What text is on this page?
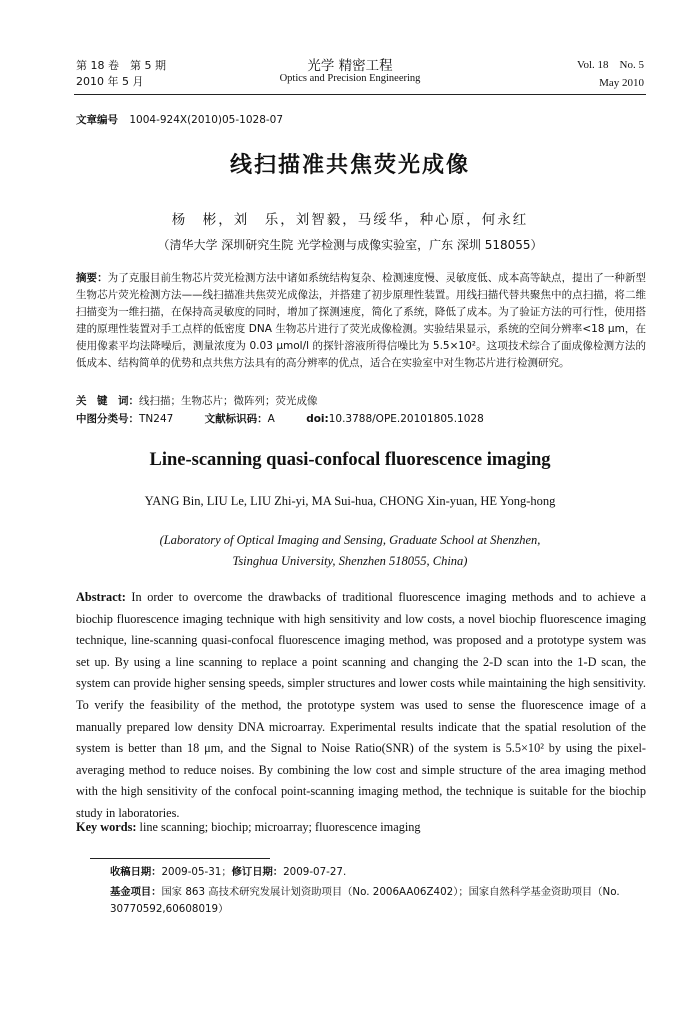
第 18 卷　第 5 期
2010 年 5 月
光学 精密工程
Optics and Precision Engineering
Vol. 18　No. 5
May 2010
文章编号 1004-924X(2010)05-1028-07
线扫描准共焦荧光成像
杨　彬，刘　乐，刘智毅，马绥华，种心原，何永红
（清华大学 深圳研究生院 光学检测与成像实验室，广东 深圳 518055）
摘要：为了克服目前生物芯片荧光检测方法中诸如系统结构复杂、检测速度慢、灵敏度低、成本高等缺点，提出了一种新型生物芯片荧光检测方法——线扫描准共焦荧光成像法，并搭建了初步原理性装置。用线扫描代替共聚焦中的点扫描，将二维扫描变为一维扫描，在保持高灵敏度的同时，增加了探测速度，简化了系统，降低了成本。为了验证方法的可行性，使用搭建的原理性装置对手工点样的低密度 DNA 生物芯片进行了荧光成像检测。实验结果显示，系统的空间分辨率<18 μm，在使用像素平均法降噪后，测量浓度为 0.03 μmol/l 的探针溶液所得信噪比为 5.5×10²。这项技术综合了面成像检测方法的低成本、结构简单的优势和点共焦方法具有的高分辨率的优点，适合在实验室中对生物芯片进行检测研究。
关　键　词：线扫描；生物芯片；微阵列；荧光成像
中图分类号：TN247	文献标识码：A	doi:10.3788/OPE.20101805.1028
Line-scanning quasi-confocal fluorescence imaging
YANG Bin, LIU Le, LIU Zhi-yi, MA Sui-hua, CHONG Xin-yuan, HE Yong-hong
(Laboratory of Optical Imaging and Sensing, Graduate School at Shenzhen,
Tsinghua University, Shenzhen 518055, China)
Abstract: In order to overcome the drawbacks of traditional fluorescence imaging methods and to achieve a biochip fluorescence imaging technique with high sensitivity and low costs, a novel biochip fluorescence imaging technique, line-scanning quasi-confocal fluorescence imaging method, was proposed and a prototype system was set up. By using a line scanning to replace a point scanning and changing the 2-D scan into the 1-D scan, the system can provide higher sensing speeds, simpler structures and lower costs while maintaining the high sensitivity. To verify the feasibility of the method, the prototype system was used to sense the fluorescence image of a manually prepared low density DNA microarray. Experimental results indicate that the spatial resolution of the system is better than 18 μm, and the Signal to Noise Ratio(SNR) of the system is 5.5×10² by using the pixel-averaging method to reduce noises. By combining the low cost and simple structure of the area imaging method with the high sensitivity of the confocal point-scanning imaging method, the technique is suitable for the biochip study in laboratories.
Key words: line scanning; biochip; microarray; fluorescence imaging
收稿日期：2009-05-31；修订日期：2009-07-27.
基金项目：国家 863 高技术研究发展计划资助项目（No. 2006AA06Z402）；国家自然科学基金资助项目（No. 30770592,60608019）
